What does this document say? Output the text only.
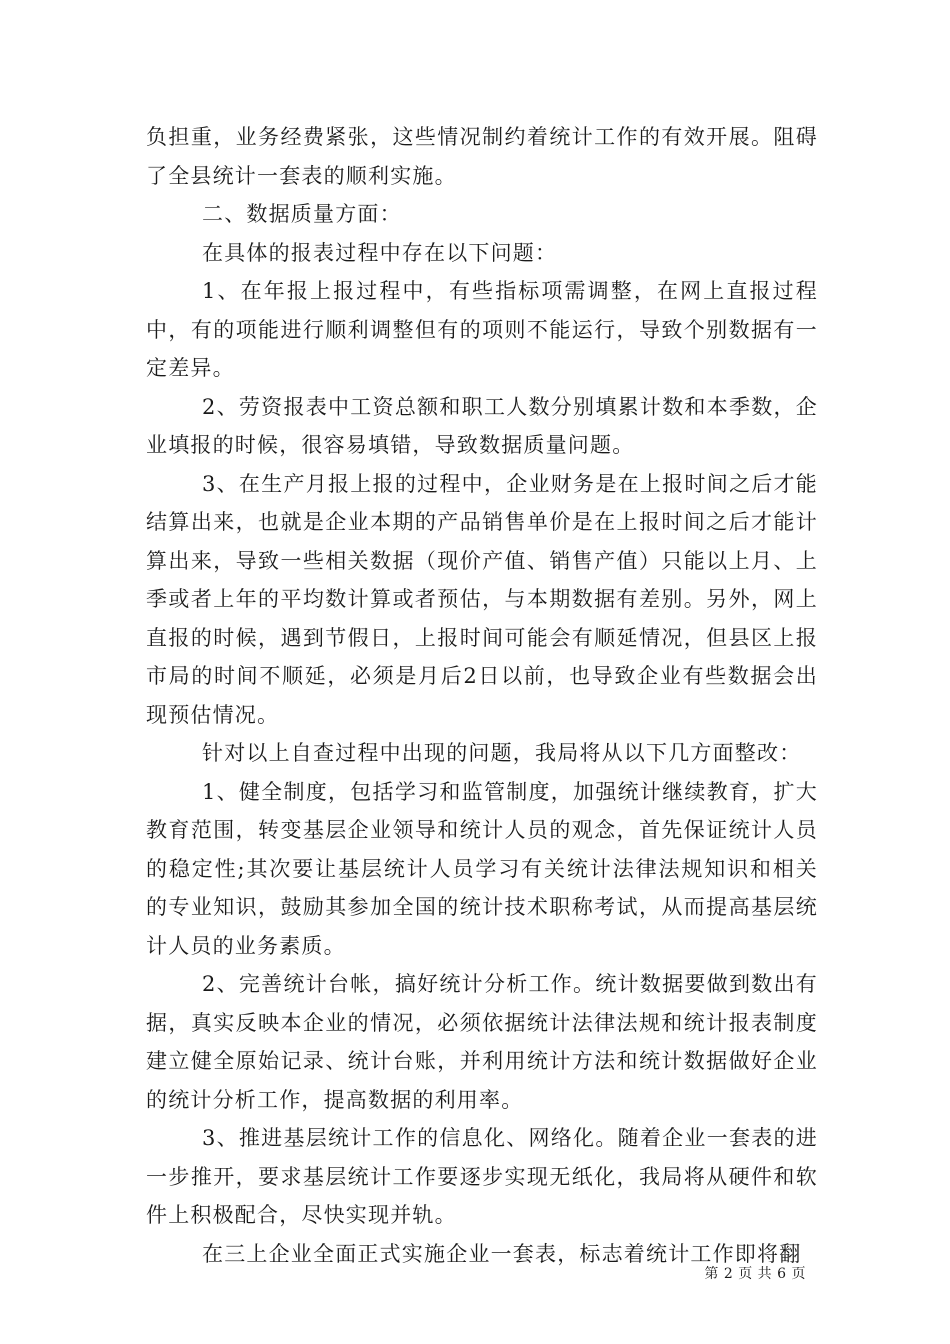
负担重，业务经费紧张，这些情况制约着统计工作的有效开展。阻碍了全县统计一套表的顺利实施。

二、数据质量方面：

在具体的报表过程中存在以下问题：

1、在年报上报过程中，有些指标项需调整，在网上直报过程中，有的项能进行顺利调整但有的项则不能运行，导致个别数据有一定差异。

2、劳资报表中工资总额和职工人数分别填累计数和本季数，企业填报的时候，很容易填错，导致数据质量问题。

3、在生产月报上报的过程中，企业财务是在上报时间之后才能结算出来，也就是企业本期的产品销售单价是在上报时间之后才能计算出来，导致一些相关数据（现价产值、销售产值）只能以上月、上季或者上年的平均数计算或者预估，与本期数据有差别。另外，网上直报的时候，遇到节假日，上报时间可能会有顺延情况，但县区上报市局的时间不顺延，必须是月后2日以前，也导致企业有些数据会出现预估情况。

针对以上自查过程中出现的问题，我局将从以下几方面整改：

1、健全制度，包括学习和监管制度，加强统计继续教育，扩大教育范围，转变基层企业领导和统计人员的观念，首先保证统计人员的稳定性;其次要让基层统计人员学习有关统计法律法规知识和相关的专业知识，鼓励其参加全国的统计技术职称考试，从而提高基层统计人员的业务素质。

2、完善统计台帐，搞好统计分析工作。统计数据要做到数出有据，真实反映本企业的情况，必须依据统计法律法规和统计报表制度建立健全原始记录、统计台账，并利用统计方法和统计数据做好企业的统计分析工作，提高数据的利用率。

3、推进基层统计工作的信息化、网络化。随着企业一套表的进一步推开，要求基层统计工作要逐步实现无纸化，我局将从硬件和软件上积极配合，尽快实现并轨。

在三上企业全面正式实施企业一套表，标志着统计工作即将翻

第 2 页 共 6 页
